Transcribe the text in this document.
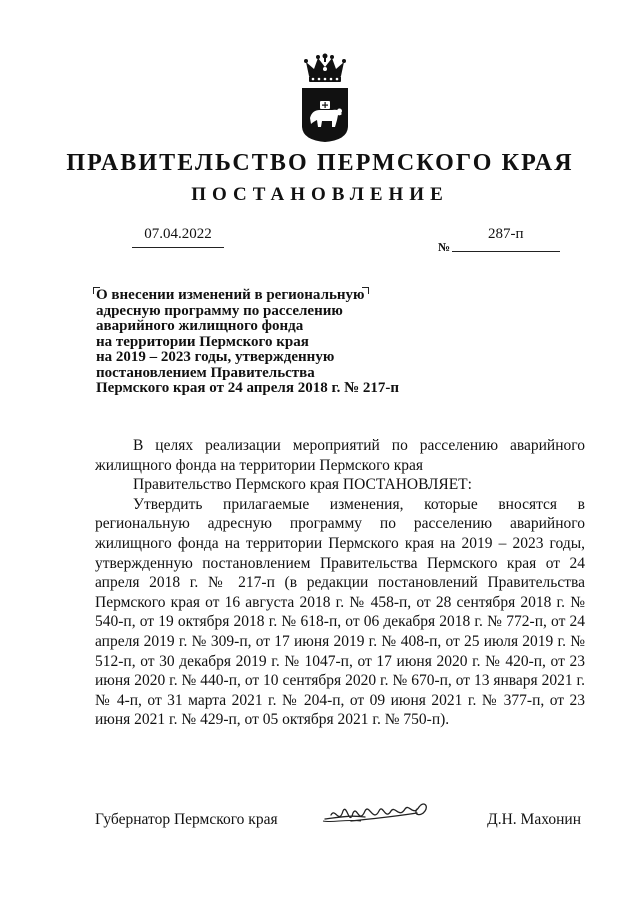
ПРАВИТЕЛЬСТВО ПЕРМСКОГО КРАЯ
ПОСТАНОВЛЕНИЕ
07.04.2022	287-п
№
О внесении изменений в региональную
адресную программу по расселению
аварийного жилищного фонда
на территории Пермского края
на 2019 – 2023 годы, утвержденную
постановлением Правительства
Пермского края от 24 апреля 2018 г. № 217-п

В целях реализации мероприятий по расселению аварийного жилищного фонда на территории Пермского края

Правительство Пермского края ПОСТАНОВЛЯЕТ:

Утвердить прилагаемые изменения, которые вносятся в региональную адресную программу по расселению аварийного жилищного фонда на территории Пермского края на 2019 – 2023 годы, утвержденную постановлением Правительства Пермского края от 24 апреля 2018 г. № 217-п (в редакции постановлений Правительства Пермского края от 16 августа 2018 г. № 458-п, от 28 сентября 2018 г. № 540-п, от 19 октября 2018 г. № 618-п, от 06 декабря 2018 г. № 772-п, от 24 апреля 2019 г. № 309-п, от 17 июня 2019 г. № 408-п, от 25 июля 2019 г. № 512-п, от 30 декабря 2019 г. № 1047-п, от 17 июня 2020 г. № 420-п, от 23 июня 2020 г. № 440-п, от 10 сентября 2020 г. № 670-п, от 13 января 2021 г. № 4-п, от 31 марта 2021 г. № 204-п, от 09 июня 2021 г. № 377-п, от 23 июня 2021 г. № 429-п, от 05 октября 2021 г. № 750-п).

Губернатор Пермского края	Д.Н. Махонин
